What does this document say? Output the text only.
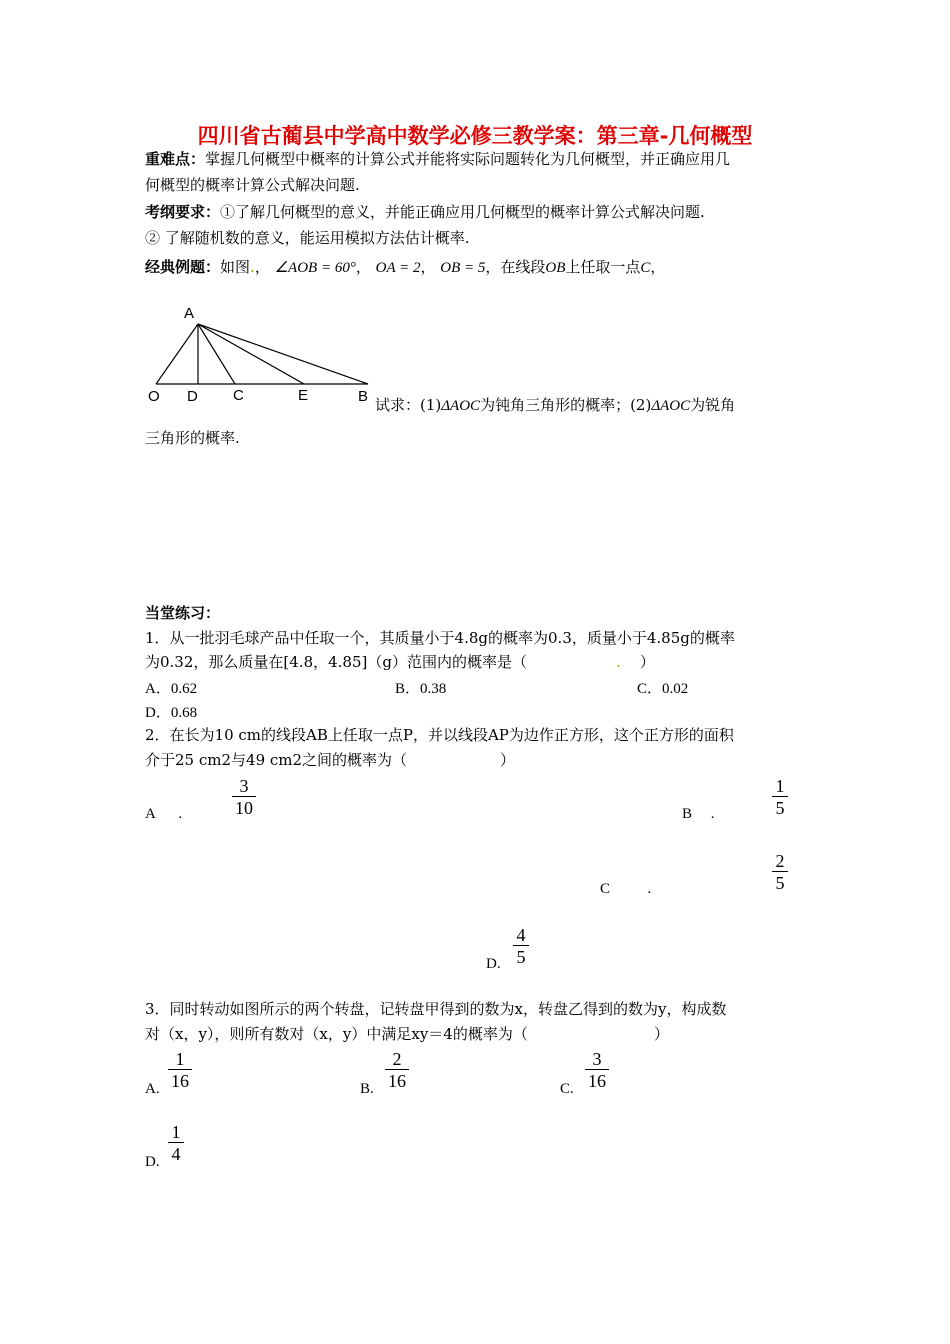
四川省古蔺县中学高中数学必修三教学案：第三章-几何概型
重难点：掌握几何概型中概率的计算公式并能将实际问题转化为几何概型，并正确应用几
何概型的概率计算公式解决问题.
考纲要求：①了解几何概型的意义，并能正确应用几何概型的概率计算公式解决问题.
② 了解随机数的意义，能运用模拟方法估计概率.
经典例题：如图.， ∠AOB = 60°， OA = 2， OB = 5，在线段OB上任取一点C，
A
O D C	E	B 试求：(1)ΔAOC为钝角三角形的概率；(2)ΔAOC为锐角
三角形的概率.
当堂练习：
1．从一批羽毛球产品中任取一个，其质量小于4.8g的概率为0.3，质量小于4.85g的概率
为0.32，那么质量在[4.8，4.85]（g）范围内的概率是（	. ）
A．0.62	B．0.38	C．0.02
D．0.68
2．在长为10 cm的线段AB上任取一点P，并以线段AP为边作正方形，这个正方形的面积
介于25 cm2与49 cm2之间的概率为（	）
A      .	$\frac{3}{10}$	B     .	$\frac{1}{5}$
C          .	$\frac{2}{5}$
D. $\frac{4}{5}$
3．同时转动如图所示的两个转盘，记转盘甲得到的数为x，转盘乙得到的数为y，构成数
对（x，y），则所有数对（x，y）中满足xy＝4的概率为（	）
A. $\frac{1}{16}$	B. $\frac{2}{16}$	C. $\frac{3}{16}$
D. $\frac{1}{4}$
